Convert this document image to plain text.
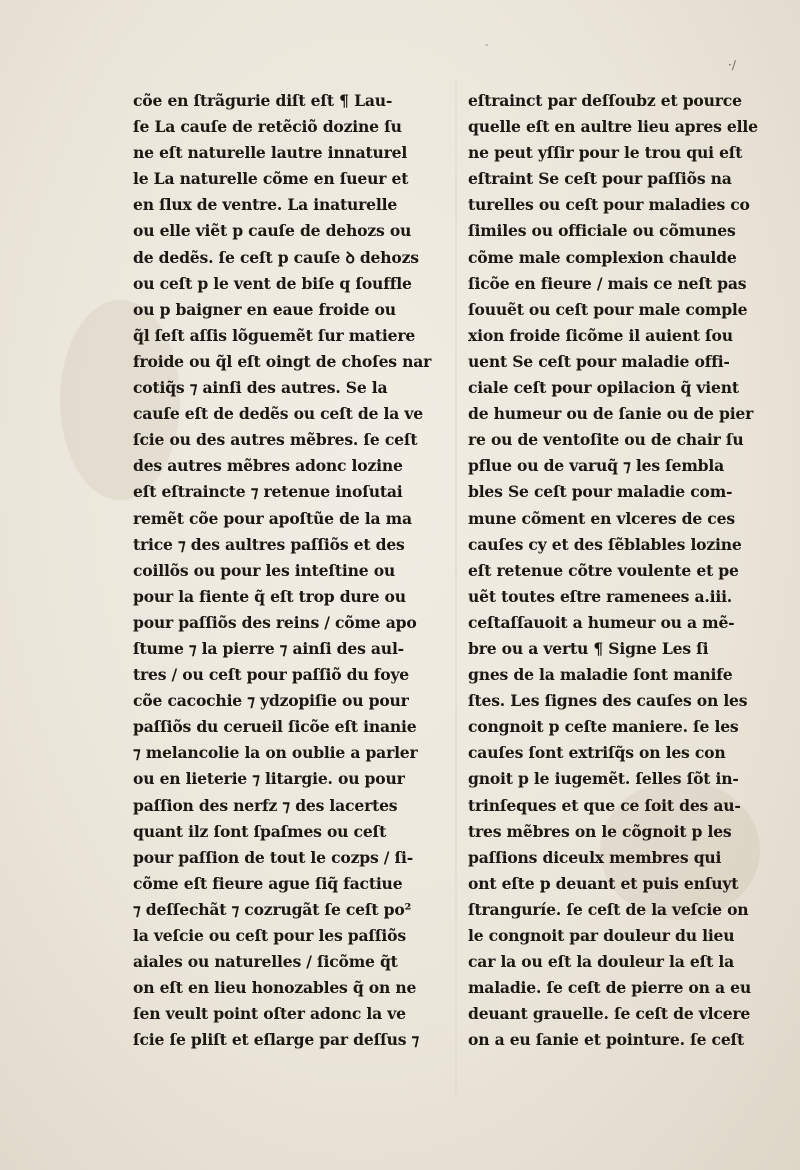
-
·∕
cõe en ſtrãgurie diſt eſt ¶ Lau-
ſe La cauſe de retẽciõ dozine ſu
ne eſt naturelle lautre innaturel
le La naturelle cõme en ſueur et
en ſlux de ventre. La inaturelle
ou elle viẽt p cauſe de dehozs ou
de dedẽs. ſe ceſt p cauſe ꝺ dehozs
ou ceſt p le vent de biſe q ſouffle
ou p baigner en eaue froide ou
q̃l ſeſt aſſis lõguemẽt ſur matiere
froide ou q̃l eſt oingt de choſes nar
cotiq̃s ⁊ ainſi des autres. Se la
cauſe eſt de dedẽs ou ceſt de la ve
ſcie ou des autres mẽbres. ſe ceſt
des autres mẽbres adonc lozine
eſt eſtraincte ⁊ retenue inoſutai
remẽt cõe pour apoſtũe de la ma
trice ⁊ des aultres paſſiõs et des
coillõs ou pour les inteſtine ou
pour la fiente q̃ eſt trop dure ou
pour paſſiõs des reins / cõme apo
ſtume ⁊ la pierre ⁊ ainſi des aul-
tres / ou ceſt pour paſſiõ du foye
cõe cacochie ⁊ ydzopiſie ou pour
paſſiõs du cerueil ſicõe eſt inanie
⁊ melancolie la on oublie a parler
ou en lieterie ⁊ litargie. ou pour
paſſion des nerfz ⁊ des lacertes
quant ilz ſont ſpaſmes ou ceſt
pour paſſion de tout le cozps / ſi-
cõme eſt fieure ague ſiq̃ factiue
⁊ deſſechãt ⁊ cozrugãt ſe ceſt po²
la veſcie ou ceſt pour les paſſiõs
aiales ou naturelles / ſicõme q̃t
on eſt en lieu honozables q̃ on ne
ſen veult point oſter adonc la ve
ſcie ſe pliſt et eſlarge par deſſus ⁊
eſtrainct par deſſoubz et pource
quelle eſt en aultre lieu apres elle
ne peut yſſir pour le trou qui eſt
eſtraint Se ceſt pour paſſiõs na
turelles ou ceſt pour maladies co
ſimiles ou officiale ou cõmunes
cõme male complexion chaulde
ſicõe en fieure / mais ce neſt pas
ſouuẽt ou ceſt pour male comple
xion froide ſicõme il auient ſou
uent Se ceſt pour maladie offi-
ciale ceſt pour opilacion q̃ vient
de humeur ou de ſanie ou de pier
re ou de ventoſite ou de chair ſu
pflue ou de varuq̃ ⁊ les ſembla
bles Se ceſt pour maladie com-
mune cõment en vlceres de ces
cauſes cy et des ſẽblables lozine
eſt retenue cõtre voulente et pe
uẽt toutes eſtre ramenees a.iii.
ceſtaſſauoit a humeur ou a mẽ-
bre ou a vertu ¶ Signe Les ſi
gnes de la maladie ſont manife
ſtes. Les ſignes des cauſes on les
congnoit p ceſte maniere. ſe les
cauſes ſont extriſq̃s on les con
gnoit p le iugemẽt. ſelles ſõt in-
trinſeques et que ce ſoit des au-
tres mẽbres on le cõgnoit p les
paſſions diceulx membres qui
ont eſte p deuant et puis enſuyt
ſtranguríe. ſe ceſt de la veſcie on
le congnoit par douleur du lieu
car la ou eſt la douleur la eſt la
maladie. ſe ceſt de pierre on a eu
deuant grauelle. ſe ceſt de vlcere
on a eu ſanie et pointure. ſe ceſt
